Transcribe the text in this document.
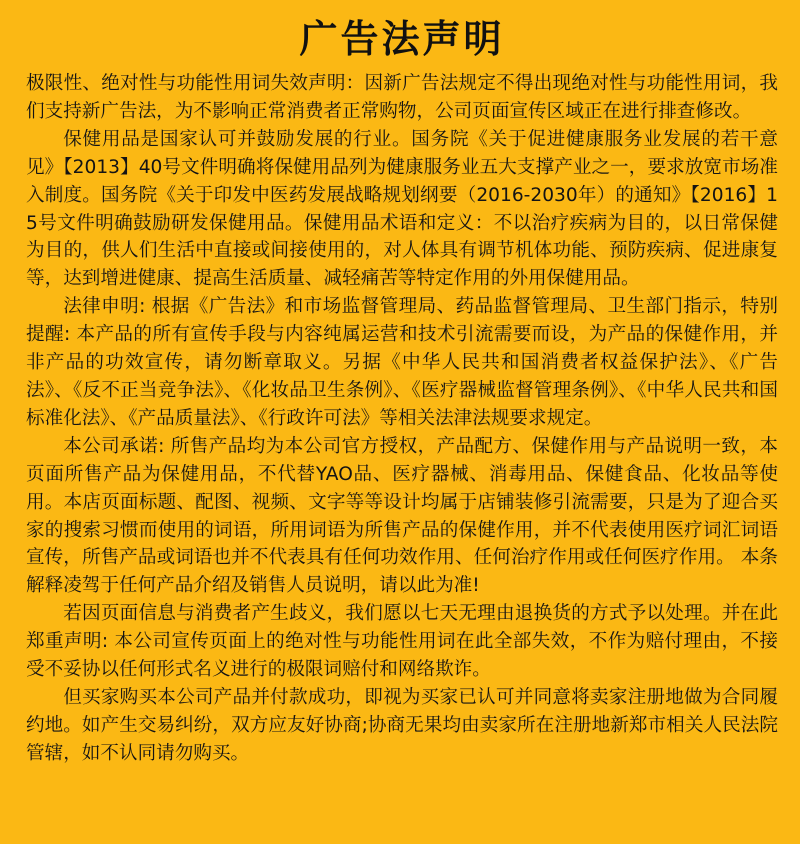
广告法声明

极限性、绝对性与功能性用词失效声明：因新广告法规定不得出现绝对性与功能性用词，我们支持新广告法，为不影响正常消费者正常购物，公司页面宣传区域正在进行排查修改。

保健用品是国家认可并鼓励发展的行业。国务院《关于促进健康服务业发展的若干意见》【2013】40号文件明确将保健用品列为健康服务业五大支撑产业之一，要求放宽市场准入制度。国务院《关于印发中医药发展战略规划纲要（2016-2030年）的通知》【2016】15号文件明确鼓励研发保健用品。保健用品术语和定义：不以治疗疾病为目的，以日常保健为目的，供人们生活中直接或间接使用的，对人体具有调节机体功能、预防疾病、促进康复等，达到增进健康、提高生活质量、减轻痛苦等特定作用的外用保健用品。

法律申明: 根据《广告法》和市场监督管理局、药品监督管理局、卫生部门指示，特别提醒: 本产品的所有宣传手段与内容纯属运营和技术引流需要而设，为产品的保健作用，并非产品的功效宣传，请勿断章取义。另据《中华人民共和国消费者权益保护法》、《广告法》、《反不正当竞争法》、《化妆品卫生条例》、《医疗器械监督管理条例》、《中华人民共和国标准化法》、《产品质量法》、《行政许可法》等相关法津法规要求规定。

本公司承诺: 所售产品均为本公司官方授权，产品配方、保健作用与产品说明一致，本页面所售产品为保健用品，不代替YAO品、医疗器械、消毒用品、保健食品、化妆品等使用。本店页面标题、配图、视频、文字等等设计均属于店铺装修引流需要，只是为了迎合买家的搜索习惯而使用的词语，所用词语为所售产品的保健作用，并不代表使用医疗词汇词语宣传，所售产品或词语也并不代表具有任何功效作用、任何治疗作用或任何医疗作用。 本条解释凌驾于任何产品介绍及销售人员说明，请以此为准!

若因页面信息与消费者产生歧义，我们愿以七天无理由退换货的方式予以处理。并在此郑重声明: 本公司宣传页面上的绝对性与功能性用词在此全部失效，不作为赔付理由，不接受不妥协以任何形式名义进行的极限词赔付和网络欺诈。

但买家购买本公司产品并付款成功，即视为买家已认可并同意将卖家注册地做为合同履约地。如产生交易纠纷，双方应友好协商;协商无果均由卖家所在注册地新郑市相关人民法院管辖，如不认同请勿购买。
